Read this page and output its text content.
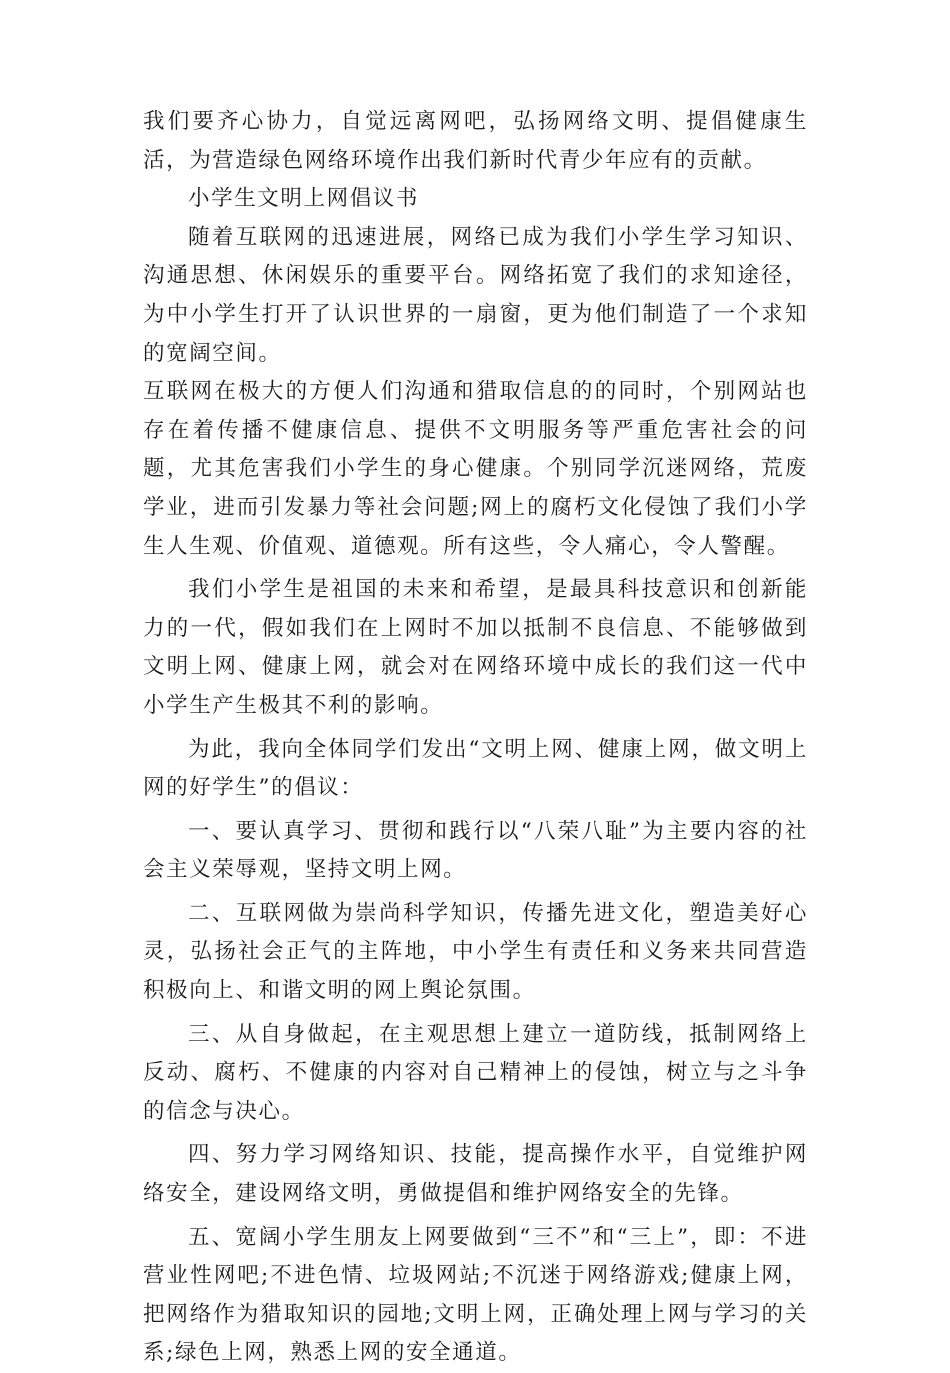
我们要齐心协力，自觉远离网吧，弘扬网络文明、提倡健康生活，为营造绿色网络环境作出我们新时代青少年应有的贡献。

小学生文明上网倡议书

随着互联网的迅速进展，网络已成为我们小学生学习知识、沟通思想、休闲娱乐的重要平台。网络拓宽了我们的求知途径，为中小学生打开了认识世界的一扇窗，更为他们制造了一个求知的宽阔空间。

互联网在极大的方便人们沟通和猎取信息的的同时，个别网站也存在着传播不健康信息、提供不文明服务等严重危害社会的问题，尤其危害我们小学生的身心健康。个别同学沉迷网络，荒废学业，进而引发暴力等社会问题;网上的腐朽文化侵蚀了我们小学生人生观、价值观、道德观。所有这些，令人痛心，令人警醒。

我们小学生是祖国的未来和希望，是最具科技意识和创新能力的一代，假如我们在上网时不加以抵制不良信息、不能够做到文明上网、健康上网，就会对在网络环境中成长的我们这一代中小学生产生极其不利的影响。

为此，我向全体同学们发出“文明上网、健康上网，做文明上网的好学生”的倡议：

一、要认真学习、贯彻和践行以“八荣八耻”为主要内容的社会主义荣辱观，坚持文明上网。

二、互联网做为崇尚科学知识，传播先进文化，塑造美好心灵，弘扬社会正气的主阵地，中小学生有责任和义务来共同营造积极向上、和谐文明的网上舆论氛围。

三、从自身做起，在主观思想上建立一道防线，抵制网络上反动、腐朽、不健康的内容对自己精神上的侵蚀，树立与之斗争的信念与决心。

四、努力学习网络知识、技能，提高操作水平，自觉维护网络安全，建设网络文明，勇做提倡和维护网络安全的先锋。

五、宽阔小学生朋友上网要做到“三不”和“三上”，即：不进营业性网吧;不进色情、垃圾网站;不沉迷于网络游戏;健康上网，把网络作为猎取知识的园地;文明上网，正确处理上网与学习的关系;绿色上网，熟悉上网的安全通道。
